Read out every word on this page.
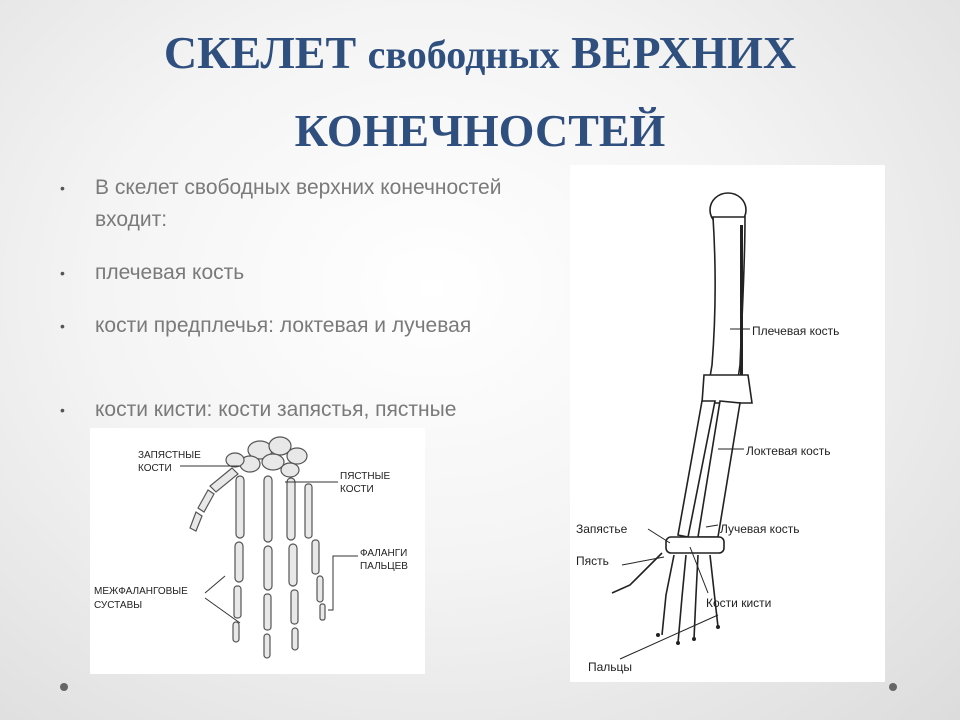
СКЕЛЕТ свободных ВЕРХНИХ
КОНЕЧНОСТЕЙ
• В скелет свободных верхних конечностей входит:
• плечевая кость
• кости предплечья: локтевая и лучевая
• кости кисти: кости запястья, пястные
ЗАПЯСТНЫЕ
КОСТИ
ПЯСТНЫЕ
КОСТИ
ФАЛАНГИ
ПАЛЬЦЕВ
МЕЖФАЛАНГОВЫЕ
СУСТАВЫ
Плечевая кость
Локтевая кость
Запястье	Лучевая кость
Пясть
Кости кисти
Пальцы
